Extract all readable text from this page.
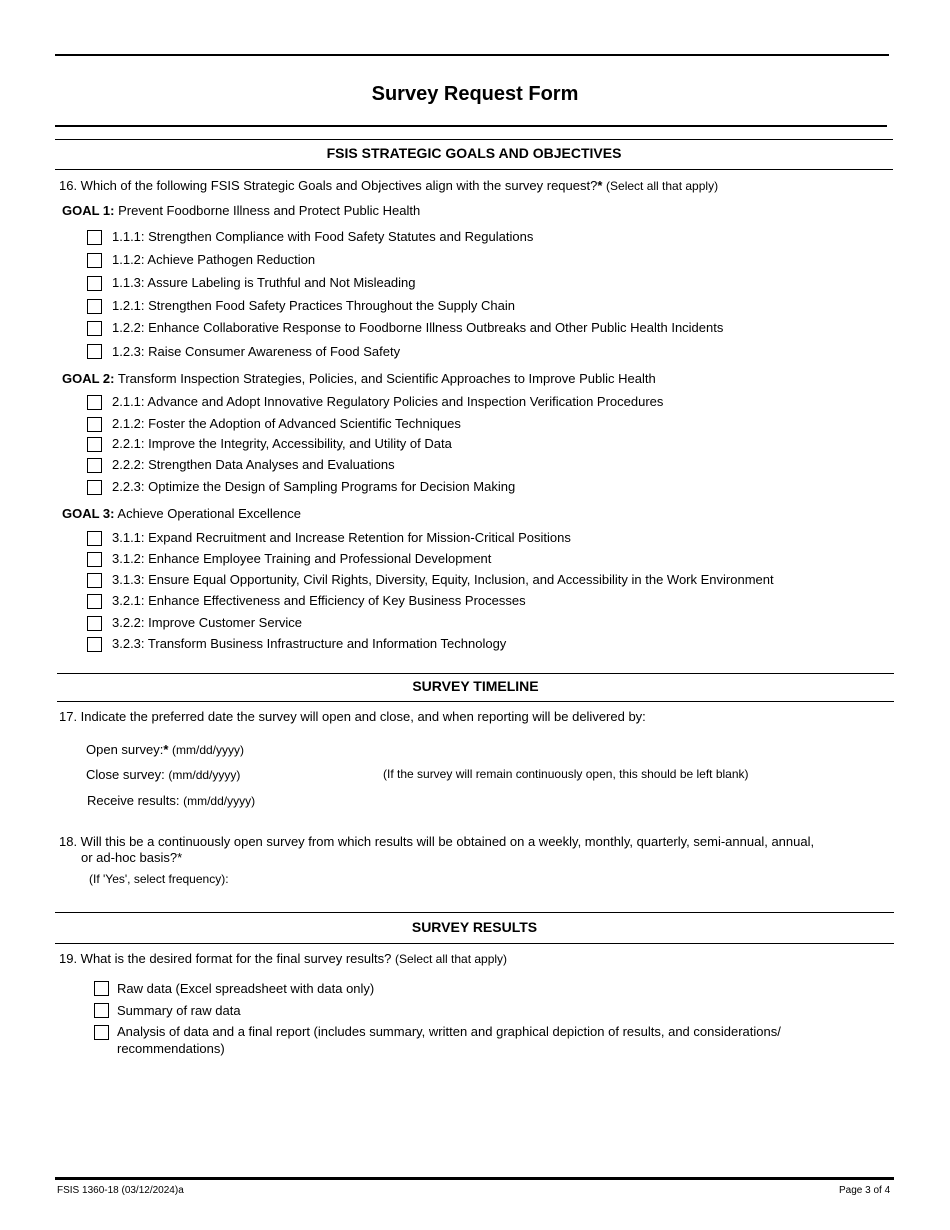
Survey Request Form
FSIS STRATEGIC GOALS AND OBJECTIVES
16. Which of the following FSIS Strategic Goals and Objectives align with the survey request?* (Select all that apply)
GOAL 1: Prevent Foodborne Illness and Protect Public Health
1.1.1: Strengthen Compliance with Food Safety Statutes and Regulations
1.1.2: Achieve Pathogen Reduction
1.1.3: Assure Labeling is Truthful and Not Misleading
1.2.1: Strengthen Food Safety Practices Throughout the Supply Chain
1.2.2: Enhance Collaborative Response to Foodborne Illness Outbreaks and Other Public Health Incidents
1.2.3: Raise Consumer Awareness of Food Safety
GOAL 2: Transform Inspection Strategies, Policies, and Scientific Approaches to Improve Public Health
2.1.1: Advance and Adopt Innovative Regulatory Policies and Inspection Verification Procedures
2.1.2: Foster the Adoption of Advanced Scientific Techniques
2.2.1: Improve the Integrity, Accessibility, and Utility of Data
2.2.2: Strengthen Data Analyses and Evaluations
2.2.3: Optimize the Design of Sampling Programs for Decision Making
GOAL 3: Achieve Operational Excellence
3.1.1: Expand Recruitment and Increase Retention for Mission-Critical Positions
3.1.2: Enhance Employee Training and Professional Development
3.1.3: Ensure Equal Opportunity, Civil Rights, Diversity, Equity, Inclusion, and Accessibility in the Work Environment
3.2.1: Enhance Effectiveness and Efficiency of Key Business Processes
3.2.2: Improve Customer Service
3.2.3: Transform Business Infrastructure and Information Technology
SURVEY TIMELINE
17. Indicate the preferred date the survey will open and close, and when reporting will be delivered by:
Open survey:* (mm/dd/yyyy)
Close survey: (mm/dd/yyyy)	(If the survey will remain continuously open, this should be left blank)
Receive results: (mm/dd/yyyy)
18. Will this be a continuously open survey from which results will be obtained on a weekly, monthly, quarterly, semi-annual, annual,
or ad-hoc basis?*
(If 'Yes', select frequency):
SURVEY RESULTS
19. What is the desired format for the final survey results? (Select all that apply)
Raw data (Excel spreadsheet with data only)
Summary of raw data
Analysis of data and a final report (includes summary, written and graphical depiction of results, and considerations/
recommendations)
FSIS 1360-18 (03/12/2024)a	Page 3 of 4
